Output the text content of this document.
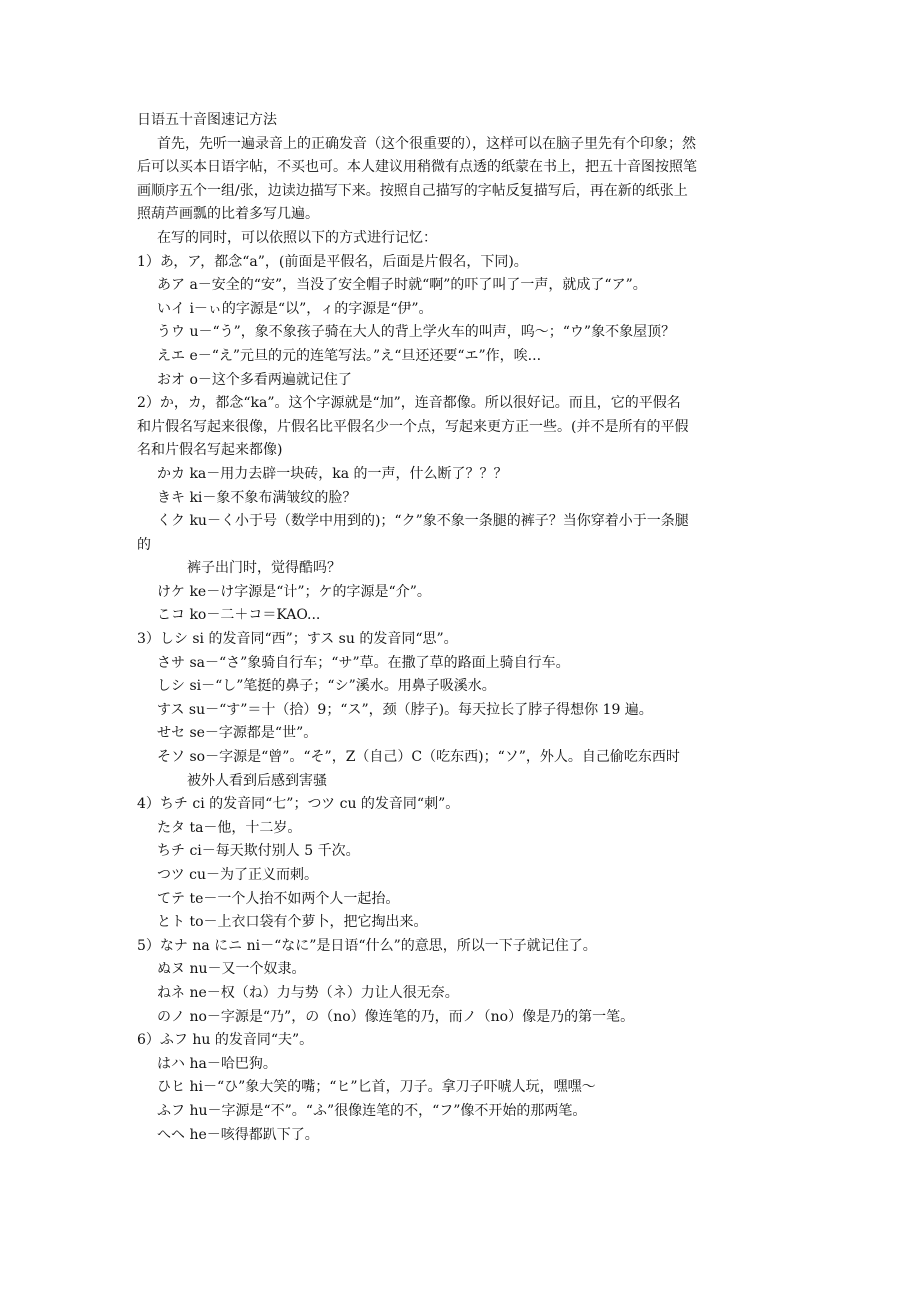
日语五十音图速记方法
首先，先听一遍录音上的正确发音（这个很重要的），这样可以在脑子里先有个印象；然
后可以买本日语字帖，不买也可。本人建议用稍微有点透的纸蒙在书上，把五十音图按照笔
画顺序五个一组/张，边读边描写下来。按照自己描写的字帖反复描写后，再在新的纸张上
照葫芦画瓢的比着多写几遍。
在写的同时，可以依照以下的方式进行记忆：
1）あ，ア，都念“a”，(前面是平假名，后面是片假名，下同)。
あア a－安全的“安”，当没了安全帽子时就“啊”的吓了叫了一声，就成了“ア”。
いイ i－ぃ的字源是“以”，ィ的字源是“伊”。
うウ u－“う”，象不象孩子骑在大人的背上学火车的叫声，呜～；“ウ”象不象屋顶？
えエ e－“え”元旦的元的连笔写法。”え“旦还还要“エ”作，唉...
おオ o－这个多看两遍就记住了
2）か，カ，都念“ka”。这个字源就是“加”，连音都像。所以很好记。而且，它的平假名
和片假名写起来很像，片假名比平假名少一个点，写起来更方正一些。(并不是所有的平假
名和片假名写起来都像)
かカ ka－用力去辟一块砖，ka 的一声，什么断了？？？
きキ ki－象不象布满皱纹的脸？
くク ku－く小于号（数学中用到的)；“ク”象不象一条腿的裤子？当你穿着小于一条腿
的
裤子出门时，觉得酷吗？
けケ ke－け字源是“计”；ケ的字源是“介”。
こコ ko－二＋コ＝KAO...
3）しシ si 的发音同“西”；すス su 的发音同“思”。
さサ sa－“さ”象骑自行车；“サ”草。在撒了草的路面上骑自行车。
しシ si－“し”笔挺的鼻子；“シ”溪水。用鼻子吸溪水。
すス su－“す”＝十（拾）9；“ス”，颈（脖子)。每天拉长了脖子得想你 19 遍。
せセ se－字源都是“世”。
そソ so－字源是“曾”。“そ”，Z（自己）C（吃东西)；“ソ”，外人。自己偷吃东西时
被外人看到后感到害骚
4）ちチ ci 的发音同“七”；つツ cu 的发音同“刺”。
たタ ta－他，十二岁。
ちチ ci－每天欺付别人 5 千次。
つツ cu－为了正义而刺。
てテ te－一个人抬不如两个人一起抬。
とト to－上衣口袋有个萝卜，把它掏出来。
5）なナ na にニ ni－“なに”是日语“什么”的意思，所以一下子就记住了。
ぬヌ nu－又一个奴隶。
ねネ ne－权（ね）力与势（ネ）力让人很无奈。
のノ no－字源是“乃”，の（no）像连笔的乃，而ノ（no）像是乃的第一笔。
6）ふフ hu 的发音同“夫”。
はハ ha－哈巴狗。
ひヒ hi－“ひ”象大笑的嘴；“ヒ”匕首，刀子。拿刀子吓唬人玩，嘿嘿～
ふフ hu－字源是“不”。“ふ”很像连笔的不，“フ”像不开始的那两笔。
へヘ he－咳得都趴下了。
